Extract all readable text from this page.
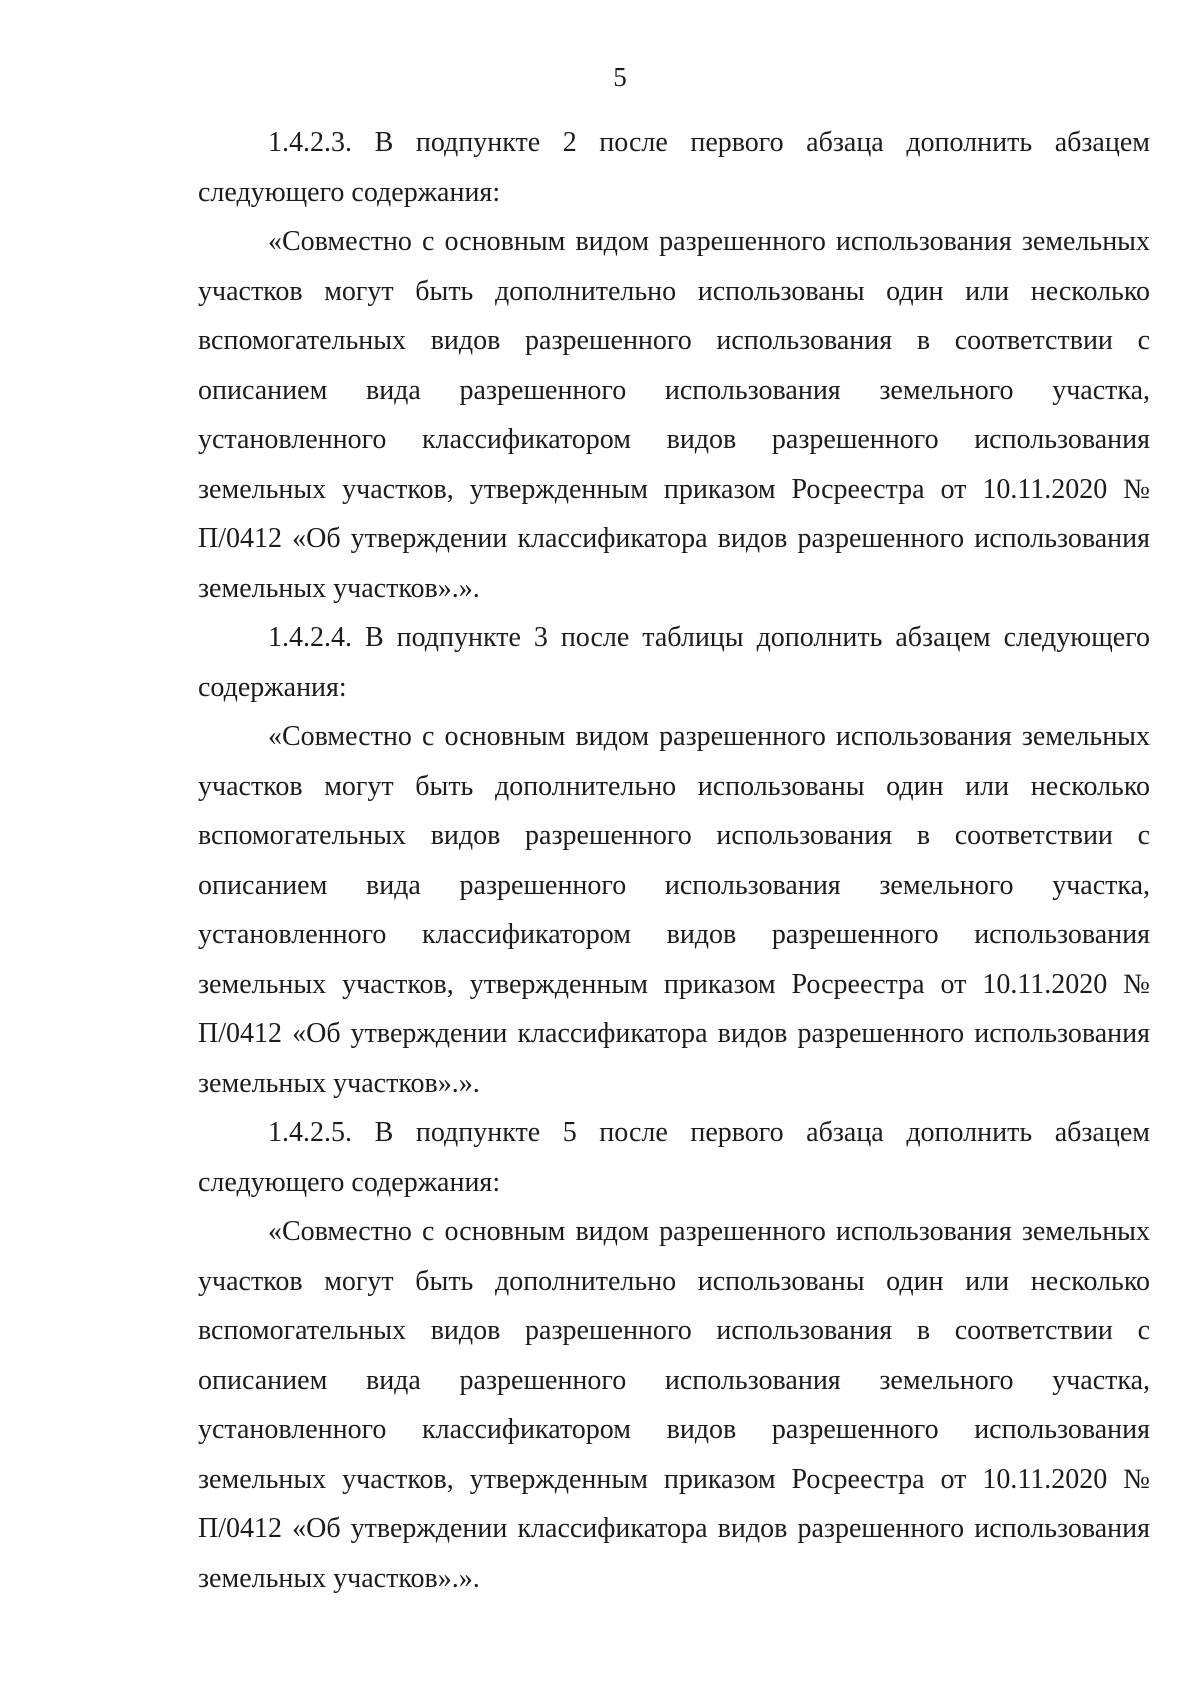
5

1.4.2.3. В подпункте 2 после первого абзаца дополнить абзацем следующего содержания:

«Совместно с основным видом разрешенного использования земельных участков могут быть дополнительно использованы один или несколько вспомогательных видов разрешенного использования в соответствии с описанием вида разрешенного использования земельного участка, установленного классификатором видов разрешенного использования земельных участков, утвержденным приказом Росреестра от 10.11.2020 № П/0412 «Об утверждении классификатора видов разрешенного использования земельных участков».».

1.4.2.4. В подпункте 3 после таблицы дополнить абзацем следующего содержания:

«Совместно с основным видом разрешенного использования земельных участков могут быть дополнительно использованы один или несколько вспомогательных видов разрешенного использования в соответствии с описанием вида разрешенного использования земельного участка, установленного классификатором видов разрешенного использования земельных участков, утвержденным приказом Росреестра от 10.11.2020 № П/0412 «Об утверждении классификатора видов разрешенного использования земельных участков».».

1.4.2.5. В подпункте 5 после первого абзаца дополнить абзацем следующего содержания:

«Совместно с основным видом разрешенного использования земельных участков могут быть дополнительно использованы один или несколько вспомогательных видов разрешенного использования в соответствии с описанием вида разрешенного использования земельного участка, установленного классификатором видов разрешенного использования земельных участков, утвержденным приказом Росреестра от 10.11.2020 № П/0412 «Об утверждении классификатора видов разрешенного использования земельных участков».».
